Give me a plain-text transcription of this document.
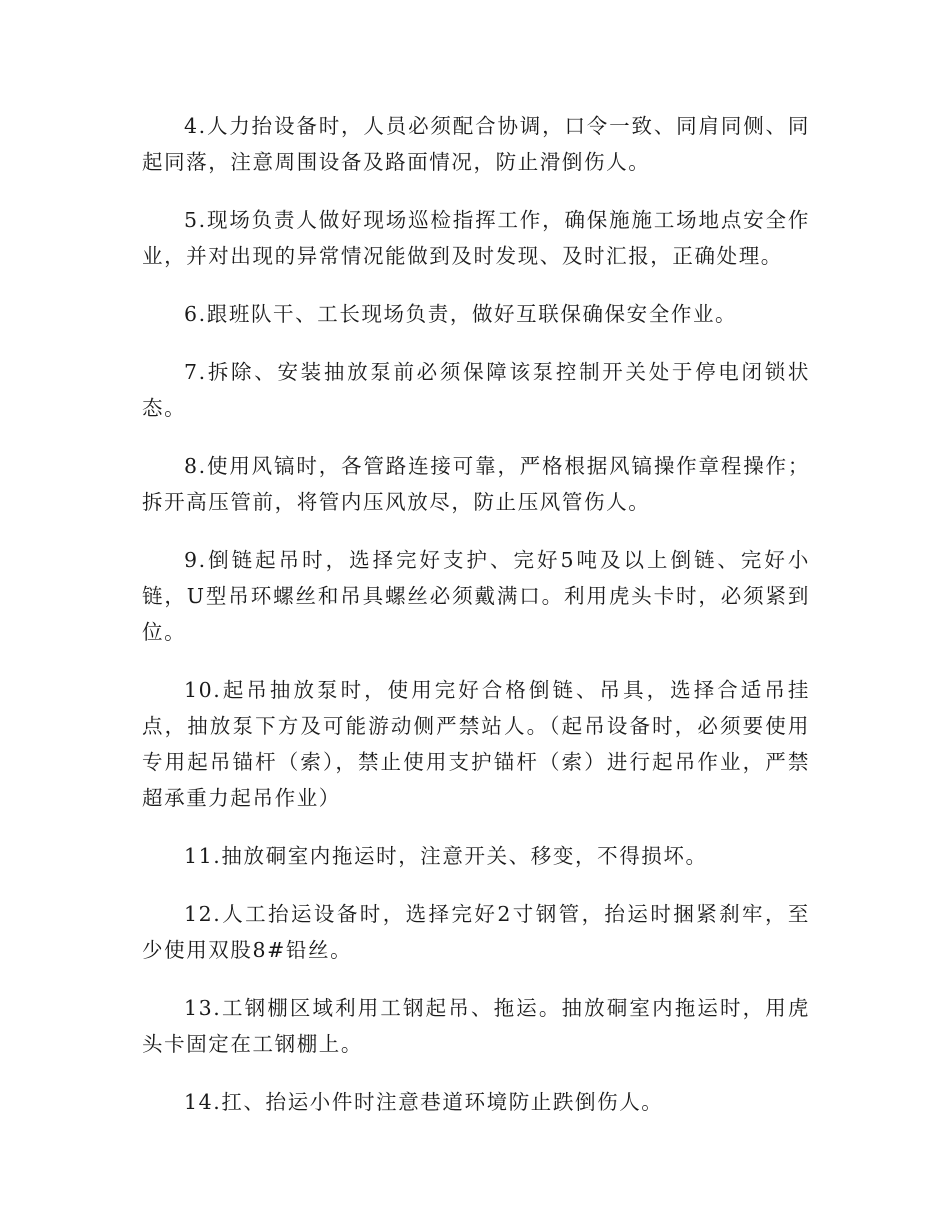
4.人力抬设备时，人员必须配合协调，口令一致、同肩同侧、同起同落，注意周围设备及路面情况，防止滑倒伤人。

5.现场负责人做好现场巡检指挥工作，确保施施工场地点安全作业，并对出现的异常情况能做到及时发现、及时汇报，正确处理。

6.跟班队干、工长现场负责，做好互联保确保安全作业。

7.拆除、安装抽放泵前必须保障该泵控制开关处于停电闭锁状态。

8.使用风镐时，各管路连接可靠，严格根据风镐操作章程操作；拆开高压管前，将管内压风放尽，防止压风管伤人。

9.倒链起吊时，选择完好支护、完好5吨及以上倒链、完好小链，U型吊环螺丝和吊具螺丝必须戴满口。利用虎头卡时，必须紧到位。

10.起吊抽放泵时，使用完好合格倒链、吊具，选择合适吊挂点，抽放泵下方及可能游动侧严禁站人。（起吊设备时，必须要使用专用起吊锚杆（索），禁止使用支护锚杆（索）进行起吊作业，严禁超承重力起吊作业）

11.抽放硐室内拖运时，注意开关、移变，不得损坏。

12.人工抬运设备时，选择完好2寸钢管，抬运时捆紧刹牢，至少使用双股8#铅丝。

13.工钢棚区域利用工钢起吊、拖运。抽放硐室内拖运时，用虎头卡固定在工钢棚上。

14.扛、抬运小件时注意巷道环境防止跌倒伤人。
